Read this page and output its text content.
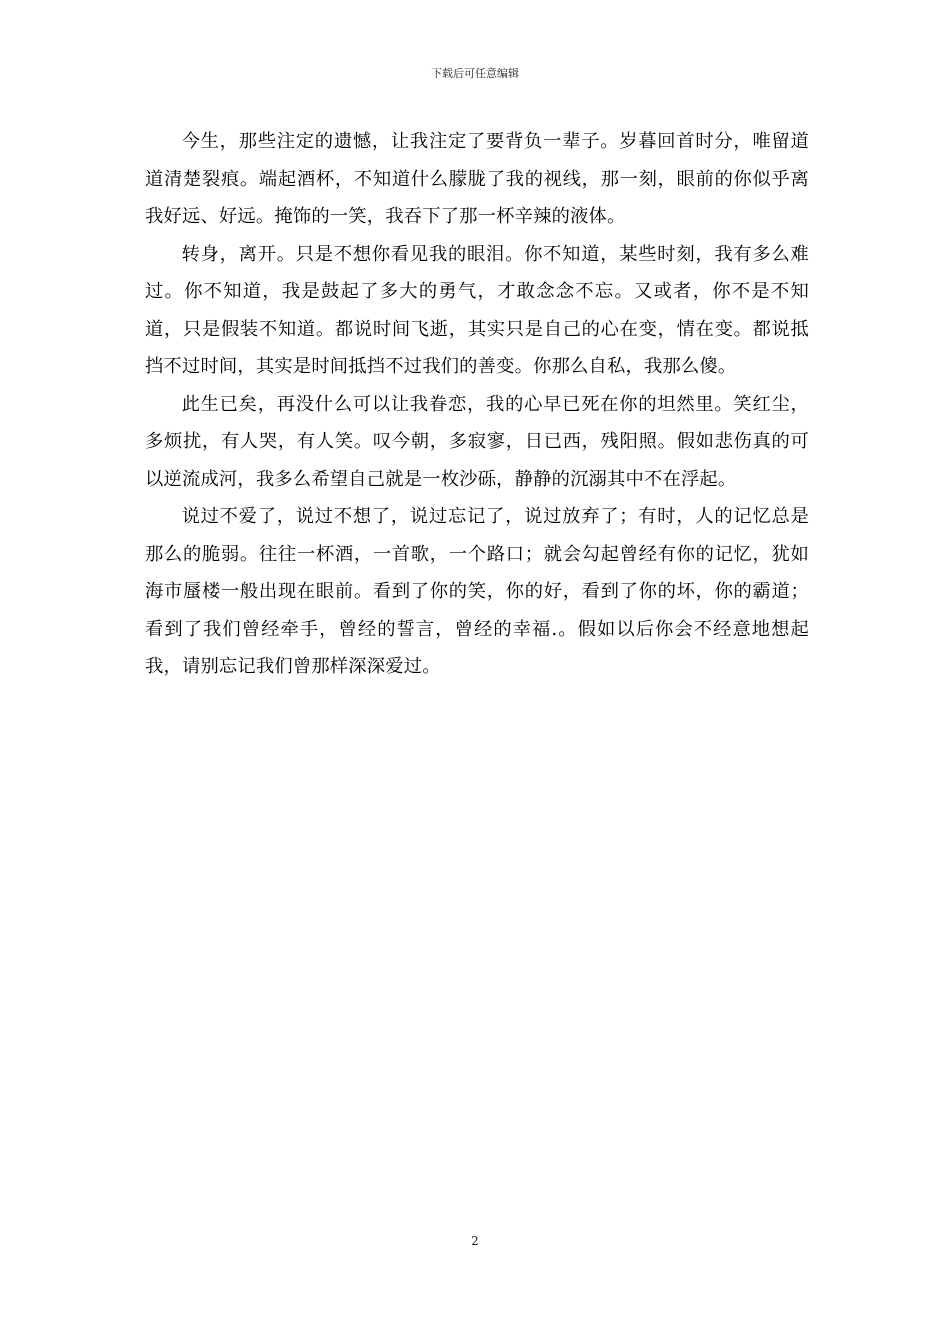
下载后可任意编辑

今生，那些注定的遗憾，让我注定了要背负一辈子。岁暮回首时分，唯留道道清楚裂痕。端起酒杯，不知道什么朦胧了我的视线，那一刻，眼前的你似乎离我好远、好远。掩饰的一笑，我吞下了那一杯辛辣的液体。

转身，离开。只是不想你看见我的眼泪。你不知道，某些时刻，我有多么难过。你不知道，我是鼓起了多大的勇气，才敢念念不忘。又或者，你不是不知道，只是假装不知道。都说时间飞逝，其实只是自己的心在变，情在变。都说抵挡不过时间，其实是时间抵挡不过我们的善变。你那么自私，我那么傻。

此生已矣，再没什么可以让我眷恋，我的心早已死在你的坦然里。笑红尘，多烦扰，有人哭，有人笑。叹今朝，多寂寥，日已西，残阳照。假如悲伤真的可以逆流成河，我多么希望自己就是一枚沙砾，静静的沉溺其中不在浮起。

说过不爱了，说过不想了，说过忘记了，说过放弃了；有时，人的记忆总是那么的脆弱。往往一杯酒，一首歌，一个路口；就会勾起曾经有你的记忆，犹如海市蜃楼一般出现在眼前。看到了你的笑，你的好，看到了你的坏，你的霸道；看到了我们曾经牵手，曾经的誓言，曾经的幸福.。假如以后你会不经意地想起我，请别忘记我们曾那样深深爱过。

2
